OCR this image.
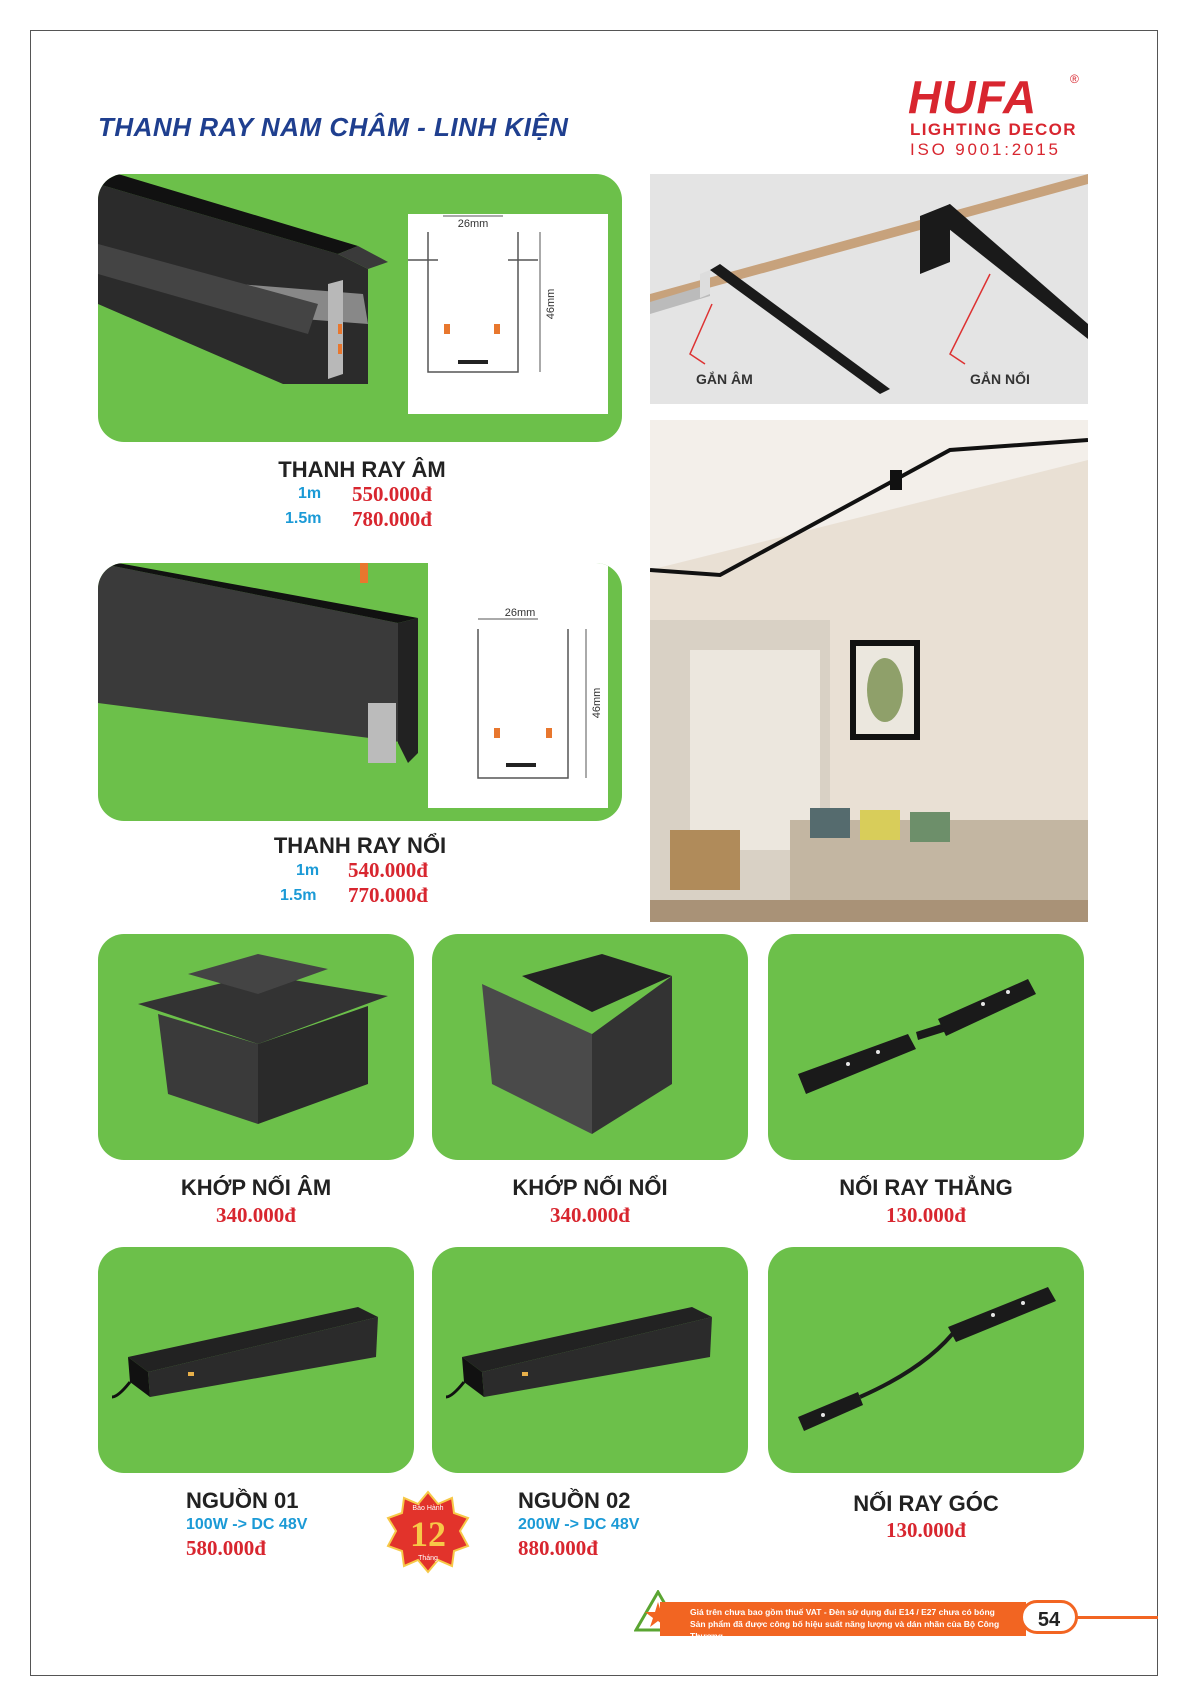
THANH RAY NAM CHÂM - LINH KIỆN
HUFA	®
LIGHTING DECOR
ISO 9001:2015
26mm
46mm
THANH RAY ÂM
1m 550.000đ
1.5m 780.000đ
26mm
46mm
THANH RAY NỔI
1m 540.000đ
1.5m 770.000đ
GẮN ÂM	GẮN NỔI
KHỚP NỐI ÂM
340.000đ
KHỚP NỐI NỔI
340.000đ
NỐI RAY THẲNG
130.000đ
NGUỒN 01
100W -> DC 48V
580.000đ
NGUỒN 02
200W -> DC 48V
880.000đ
NỐI RAY GÓC
130.000đ
Bảo Hành
12
Tháng
Giá trên chưa bao gồm thuế VAT - Đèn sử dụng đui E14 / E27 chưa có bóng
Sản phẩm đã được công bố hiệu suất năng lượng và dán nhãn của Bộ Công Thương
54
